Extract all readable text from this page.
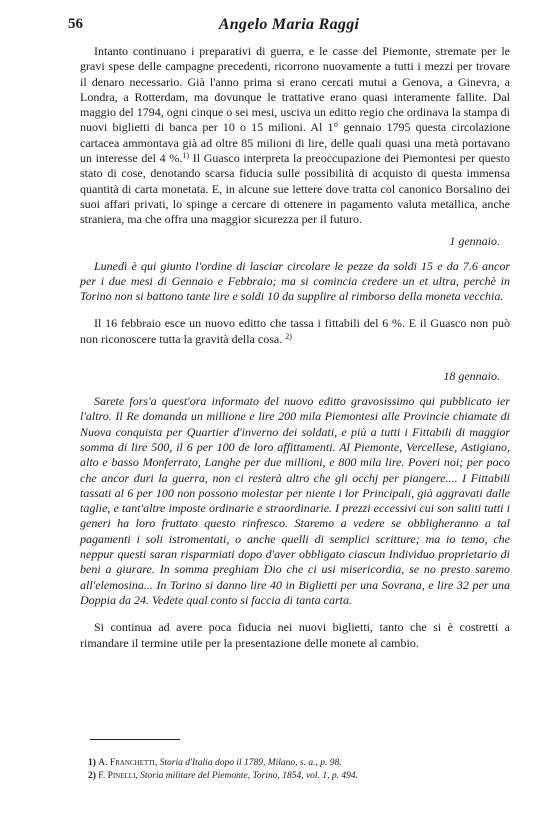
56	Angelo Maria Raggi

Intanto continuano i preparativi di guerra, e le casse del Piemonte, stremate per le gravi spese delle campagne precedenti, ricorrono nuovamente a tutti i mezzi per trovare il denaro necessario. Già l'anno prima si erano cercati mutui a Genova, a Ginevra, a Londra, a Rotterdam, ma dovunque le trattative erano quasi interamente fallite. Dal maggio del 1794, ogni cinque o sei mesi, usciva un editto regio che ordinava la stampa di nuovi biglietti di banca per 10 o 15 milioni. Al 1° gennaio 1795 questa circolazione cartacea ammontava già ad oltre 85 milioni di lire, delle quali quasi una metà portavano un interesse del 4 %.$^{1)}$ Il Guasco interpreta la preoccupazione dei Piemontesi per questo stato di cose, denotando scarsa fiducia sulle possibilità di acquisto di questa immensa quantità di carta monetata. E, in alcune sue lettere dove tratta col canonico Borsalino dei suoi affari privati, lo spinge a cercare di ottenere in pagamento valuta metallica, anche straniera, ma che offra una maggior sicurezza per il futuro.

1 gennaio.

Lunedì è qui giunto l'ordine di lasciar circolare le pezze da soldi 15 e da 7.6 ancor per i due mesi di Gennaio e Febbraio; ma si comincia credere un et ultra, perchè in Torino non si battono tante lire e soldi 10 da supplire al rimborso della moneta vecchia.

Il 16 febbraio esce un nuovo editto che tassa i fittabili del 6 %. E il Guasco non può non riconoscere tutta la gravità della cosa. $^{2)}$

18 gennaio.

Sarete fors'a quest'ora informato del nuovo editto gravosissimo qui pubblicato ier l'altro. Il Re domanda un millione e lire 200 mila Piemontesi alle Provincie chiamate di Nuova conquista per Quartier d'inverno dei soldati, e più a tutti i Fittabili di maggior somma di lire 500, il 6 per 100 de loro affittamenti. Al Piemonte, Vercellese, Astigiano, alto e basso Monferrato, Langhe per due millioni, e 800 mila lire. Poveri noi; per poco che ancor duri la guerra, non ci resterà altro che gli occhj per piangere.... I Fittabili tassati al 6 per 100 non possono molestar per niente i lor Principali, già aggravati dalle taglie, e tant'altre imposte ordinarie e straordinarie. I prezzi eccessivi cui son saliti tutti i generi ha loro fruttato questo rinfresco. Staremo a vedere se obbligheranno a tal pagamenti i soli istromentati, o anche quelli di semplici scritture; ma io temo, che neppur questi saran risparmiati dopo d'aver obbligato ciascun Individuo proprietario di beni a giurare. In somma preghiam Dio che ci usi misericordia, se no presto saremo all'elemosina... In Torino si danno lire 40 in Biglietti per una Sovrana, e lire 32 per una Doppia da 24. Vedete qual conto si faccia di tanta carta.

Si continua ad avere poca fiducia nei nuovi biglietti, tanto che si è costretti a rimandare il termine utile per la presentazione delle monete al cambio.

1) A. Franchetti, Storia d'Italia dopo il 1789, Milano, s. a., p. 98.
2) F. Pinelli, Storia militare del Piemonte, Torino, 1854, vol. 1, p. 494.
